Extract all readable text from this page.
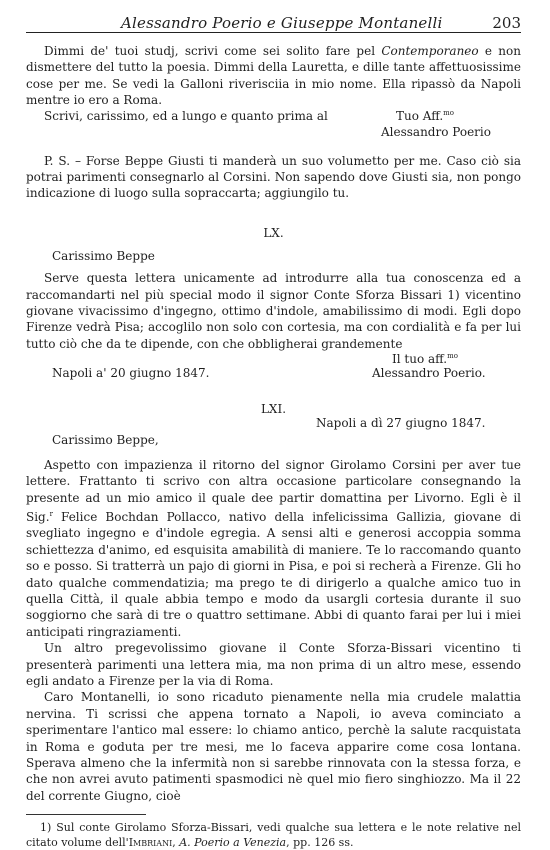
Alessandro Poerio e Giuseppe Montanelli	203

Dimmi de' tuoi studj, scrivi come sei solito fare pel Contemporaneo e non dismettere del tutto la poesia. Dimmi della Lauretta, e dille tante affettuosissime cose per me. Se vedi la Galloni riverisciia in mio nome. Ella ripassò da Napoli mentre io ero a Roma.

Scrivi, carissimo, ed a lungo e quanto prima al	Tuo Aff.$^{mo}$
Alessandro Poerio

P. S. – Forse Beppe Giusti ti manderà un suo volumetto per me. Caso ciò sia potrai parimenti consegnarlo al Corsini. Non sapendo dove Giusti sia, non pongo indicazione di luogo sulla sopraccarta; aggiungilo tu.

LX.

Carissimo Beppe

Serve questa lettera unicamente ad introdurre alla tua conoscenza ed a raccomandarti nel più special modo il signor Conte Sforza Bissari 1) vicentino giovane vivacissimo d'ingegno, ottimo d'indole, amabilissimo di modi. Egli dopo Firenze vedrà Pisa; accoglilo non solo con cortesia, ma con cordialità e fa per lui tutto ciò che da te dipende, con che obbligherai grandemente

Il tuo aff.$^{mo}$
Napoli a' 20 giugno 1847.	Alessandro Poerio.

LXI.

Napoli a dì 27 giugno 1847.

Carissimo Beppe,

Aspetto con impazienza il ritorno del signor Girolamo Corsini per aver tue lettere. Frattanto ti scrivo con altra occasione particolare consegnando la presente ad un mio amico il quale dee partir domattina per Livorno. Egli è il Sig.$^r$ Felice Bochdan Pollacco, nativo della infelicissima Gallizia, giovane di svegliato ingegno e d'indole egregia. A sensi alti e generosi accoppia somma schiettezza d'animo, ed esquisita amabilità di maniere. Te lo raccomando quanto so e posso. Si tratterrà un pajo di giorni in Pisa, e poi si recherà a Firenze. Gli ho dato qualche commendatizia; ma prego te di dirigerlo a qualche amico tuo in quella Città, il quale abbia tempo e modo da usargli cortesia durante il suo soggiorno che sarà di tre o quattro settimane. Abbi di quanto farai per lui i miei anticipati ringraziamenti.

Un altro pregevolissimo giovane il Conte Sforza-Bissari vicentino ti presenterà parimenti una lettera mia, ma non prima di un altro mese, essendo egli andato a Firenze per la via di Roma.

Caro Montanelli, io sono ricaduto pienamente nella mia crudele malattia nervina. Ti scrissi che appena tornato a Napoli, io aveva cominciato a sperimentare l'antico mal essere: lo chiamo antico, perchè la salute racquistata in Roma e goduta per tre mesi, me lo faceva apparire come cosa lontana. Sperava almeno che la infermità non si sarebbe rinnovata con la stessa forza, e che non avrei avuto patimenti spasmodici nè quel mio fiero singhiozzo. Ma il 22 del corrente Giugno, cioè

1) Sul conte Girolamo Sforza-Bissari, vedi qualche sua lettera e le note relative nel citato volume dell'Imbriani, A. Poerio a Venezia, pp. 126 ss.
